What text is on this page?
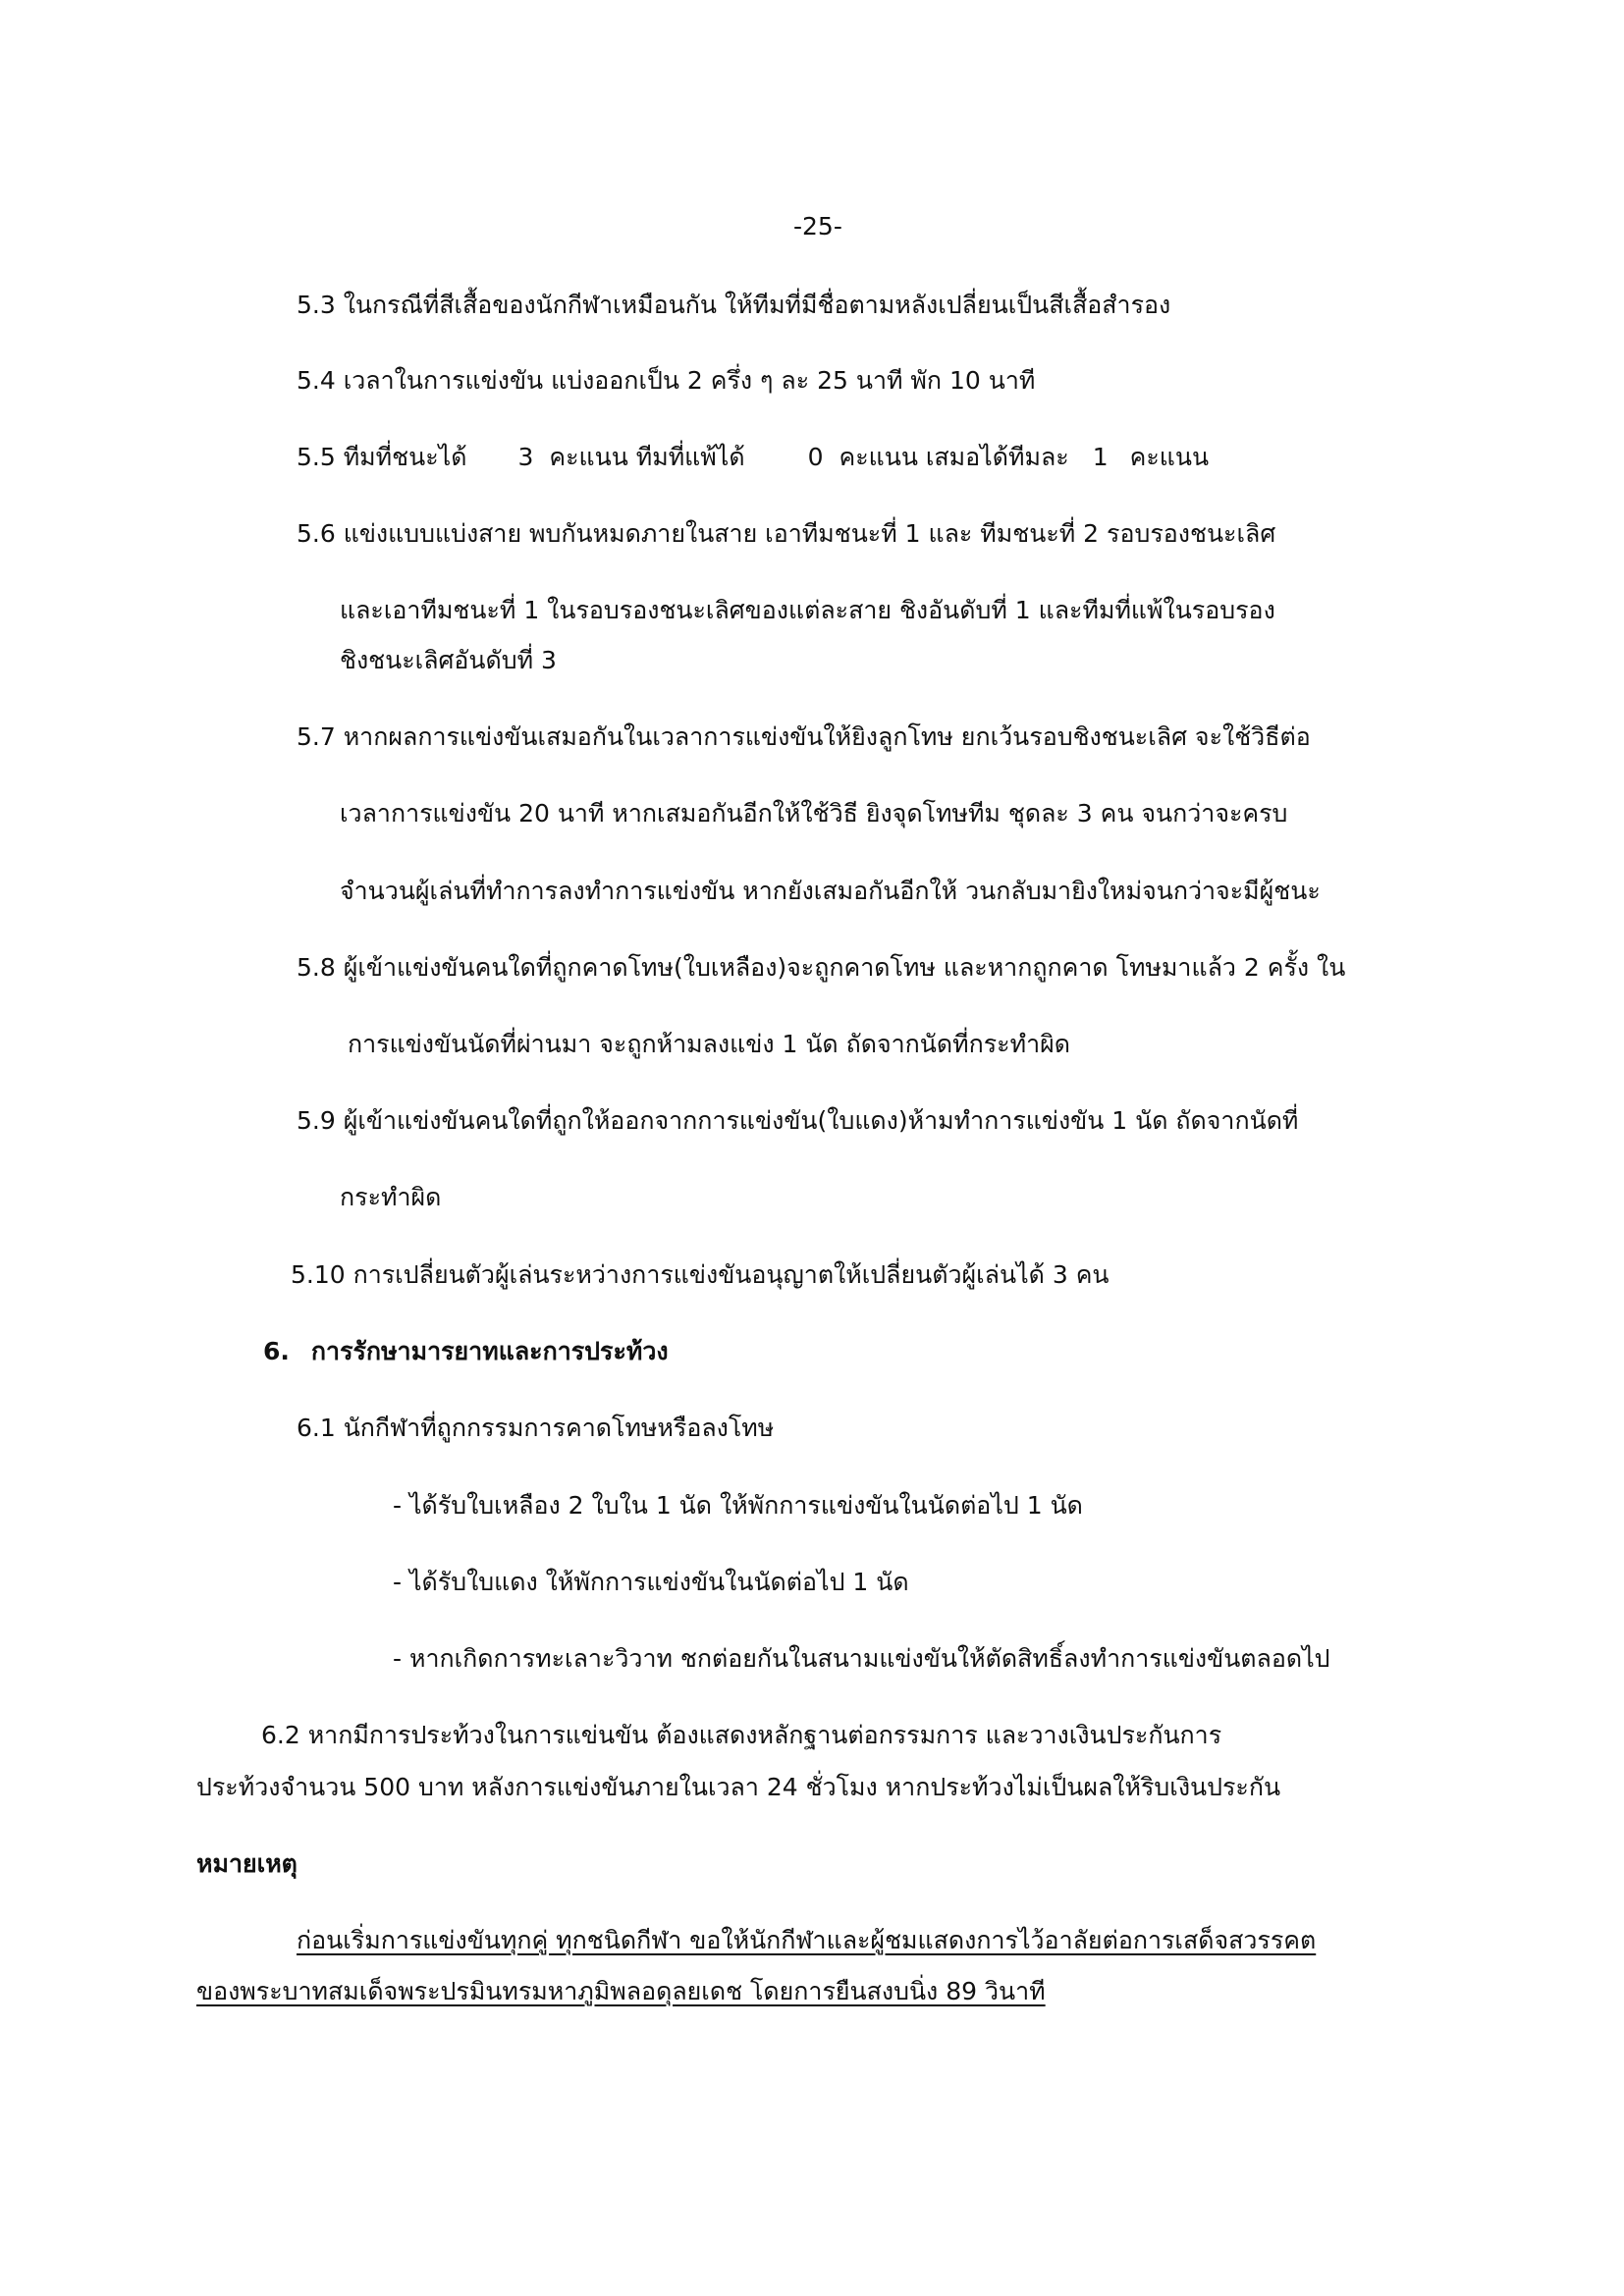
-25-
5.3 ในกรณีที่สีเสื้อของนักกีฬาเหมือนกัน ให้ทีมที่มีชื่อตามหลังเปลี่ยนเป็นสีเสื้อสำรอง
5.4 เวลาในการแข่งขัน แบ่งออกเป็น 2 ครึ่ง ๆ ละ 25 นาที พัก 10 นาที
5.5 ทีมที่ชนะได้ 3 คะแนน ทีมที่แพ้ได้	0 คะแนน เสมอได้ทีมละ 1 คะแนน
5.6 แข่งแบบแบ่งสาย พบกันหมดภายในสาย เอาทีมชนะที่ 1 และ ทีมชนะที่ 2 รอบรองชนะเลิศ
และเอาทีมชนะที่ 1 ในรอบรองชนะเลิศของแต่ละสาย ชิงอันดับที่ 1 และทีมที่แพ้ในรอบรอง
ชิงชนะเลิศอันดับที่ 3
5.7 หากผลการแข่งขันเสมอกันในเวลาการแข่งขันให้ยิงลูกโทษ ยกเว้นรอบชิงชนะเลิศ จะใช้วิธีต่อ
เวลาการแข่งขัน 20 นาที หากเสมอกันอีกให้ใช้วิธี ยิงจุดโทษทีม ชุดละ 3 คน จนกว่าจะครบ
จำนวนผู้เล่นที่ทำการลงทำการแข่งขัน หากยังเสมอกันอีกให้ วนกลับมายิงใหม่จนกว่าจะมีผู้ชนะ
5.8 ผู้เข้าแข่งขันคนใดที่ถูกคาดโทษ(ใบเหลือง)จะถูกคาดโทษ และหากถูกคาด โทษมาแล้ว 2 ครั้ง ใน
การแข่งขันนัดที่ผ่านมา จะถูกห้ามลงแข่ง 1 นัด ถัดจากนัดที่กระทำผิด
5.9 ผู้เข้าแข่งขันคนใดที่ถูกให้ออกจากการแข่งขัน(ใบแดง)ห้ามทำการแข่งขัน 1 นัด ถัดจากนัดที่
กระทำผิด
5.10 การเปลี่ยนตัวผู้เล่นระหว่างการแข่งขันอนุญาตให้เปลี่ยนตัวผู้เล่นได้ 3 คน
6. การรักษามารยาทและการประท้วง
6.1 นักกีฬาที่ถูกกรรมการคาดโทษหรือลงโทษ
- ได้รับใบเหลือง 2 ใบใน 1 นัด ให้พักการแข่งขันในนัดต่อไป 1 นัด
- ได้รับใบแดง ให้พักการแข่งขันในนัดต่อไป 1 นัด
- หากเกิดการทะเลาะวิวาท ชกต่อยกันในสนามแข่งขันให้ตัดสิทธิ์ลงทำการแข่งขันตลอดไป
6.2 หากมีการประท้วงในการแข่นขัน ต้องแสดงหลักฐานต่อกรรมการ และวางเงินประกันการ
ประท้วงจำนวน 500 บาท หลังการแข่งขันภายในเวลา 24 ชั่วโมง หากประท้วงไม่เป็นผลให้ริบเงินประกัน
หมายเหตุ
ก่อนเริ่มการแข่งขันทุกคู่ ทุกชนิดกีฬา ขอให้นักกีฬาและผู้ชมแสดงการไว้อาลัยต่อการเสด็จสวรรคต
ของพระบาทสมเด็จพระปรมินทรมหาภูมิพลอดุลยเดช โดยการยืนสงบนิ่ง 89 วินาที
